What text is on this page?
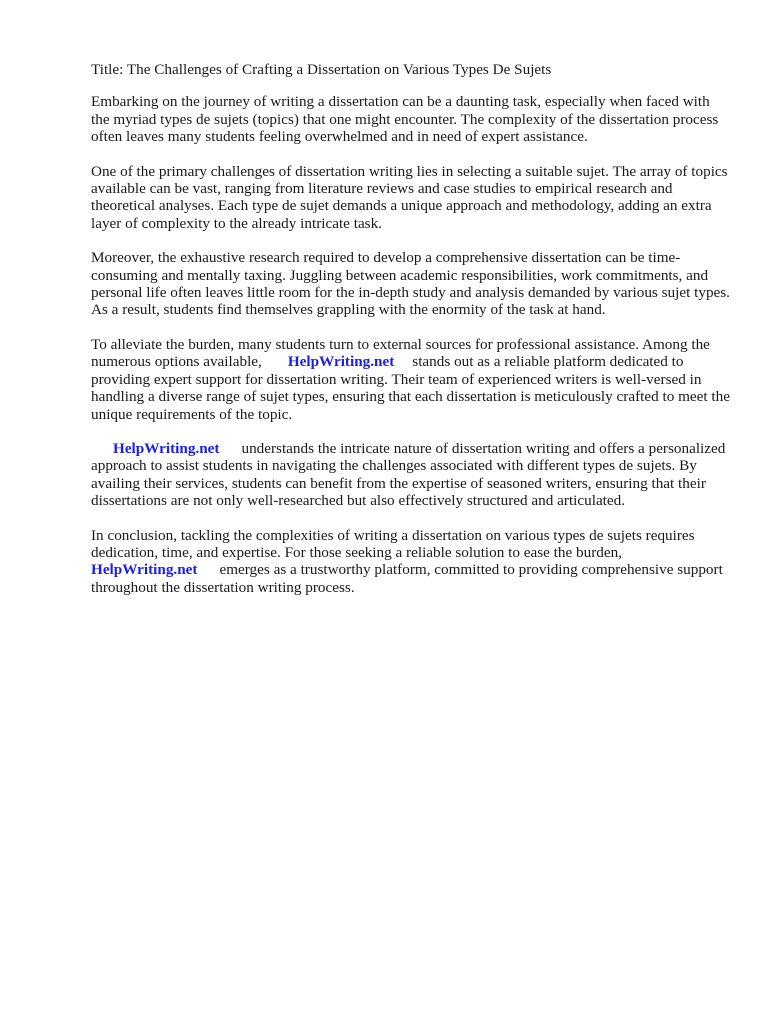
Title: The Challenges of Crafting a Dissertation on Various Types De Sujets

Embarking on the journey of writing a dissertation can be a daunting task, especially when faced with the myriad types de sujets (topics) that one might encounter. The complexity of the dissertation process often leaves many students feeling overwhelmed and in need of expert assistance.

One of the primary challenges of dissertation writing lies in selecting a suitable sujet. The array of topics available can be vast, ranging from literature reviews and case studies to empirical research and theoretical analyses. Each type de sujet demands a unique approach and methodology, adding an extra layer of complexity to the already intricate task.

Moreover, the exhaustive research required to develop a comprehensive dissertation can be time-consuming and mentally taxing. Juggling between academic responsibilities, work commitments, and personal life often leaves little room for the in-depth study and analysis demanded by various sujet types. As a result, students find themselves grappling with the enormity of the task at hand.

To alleviate the burden, many students turn to external sources for professional assistance. Among the numerous options available, HelpWriting.net stands out as a reliable platform dedicated to providing expert support for dissertation writing. Their team of experienced writers is well-versed in handling a diverse range of sujet types, ensuring that each dissertation is meticulously crafted to meet the unique requirements of the topic.

HelpWriting.net understands the intricate nature of dissertation writing and offers a personalized approach to assist students in navigating the challenges associated with different types de sujets. By availing their services, students can benefit from the expertise of seasoned writers, ensuring that their dissertations are not only well-researched but also effectively structured and articulated.

In conclusion, tackling the complexities of writing a dissertation on various types de sujets requires dedication, time, and expertise. For those seeking a reliable solution to ease the burden,
HelpWriting.net emerges as a trustworthy platform, committed to providing comprehensive support throughout the dissertation writing process.
